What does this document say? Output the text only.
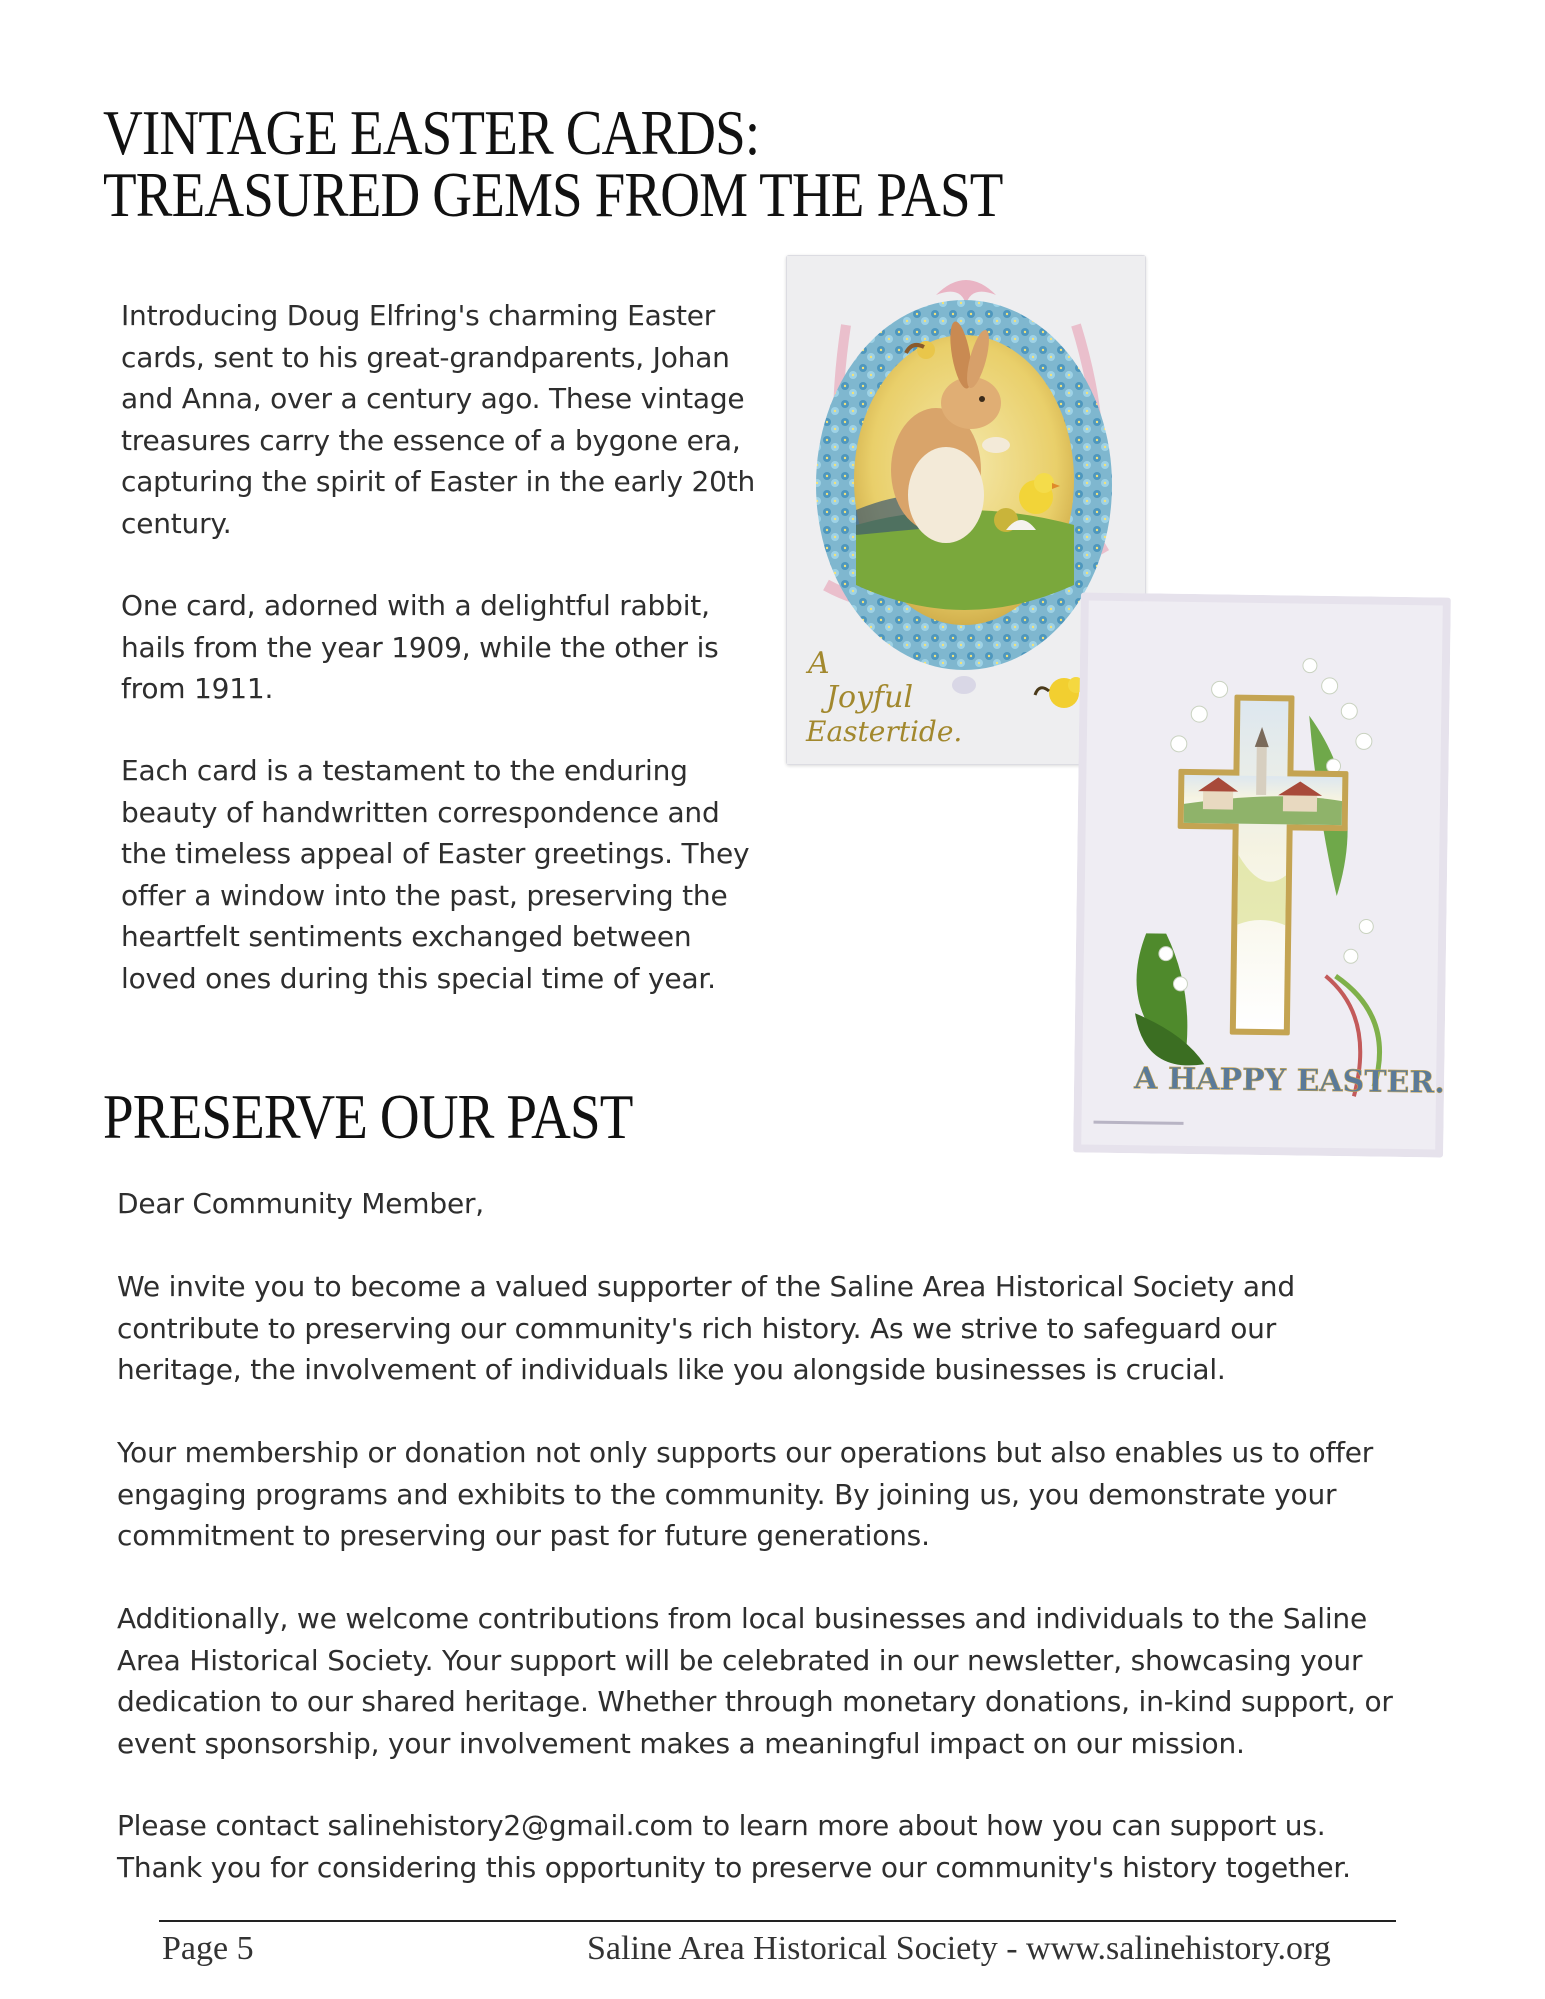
VINTAGE EASTER CARDS:
TREASURED GEMS FROM THE PAST
Introducing Doug Elfring's charming Easter
cards, sent to his great-grandparents, Johan
and Anna, over a century ago. These vintage
treasures carry the essence of a bygone era,
capturing the spirit of Easter in the early 20th
century.
One card, adorned with a delightful rabbit,
hails from the year 1909, while the other is
from 1911.
Each card is a testament to the enduring
beauty of handwritten correspondence and
the timeless appeal of Easter greetings. They
offer a window into the past, preserving the
heartfelt sentiments exchanged between
loved ones during this special time of year.
A
Joyful
Eastertide.
A HAPPY EASTER.
PRESERVE OUR PAST
Dear Community Member,
We invite you to become a valued supporter of the Saline Area Historical Society and
contribute to preserving our community's rich history. As we strive to safeguard our
heritage, the involvement of individuals like you alongside businesses is crucial.
Your membership or donation not only supports our operations but also enables us to offer
engaging programs and exhibits to the community. By joining us, you demonstrate your
commitment to preserving our past for future generations.
Additionally, we welcome contributions from local businesses and individuals to the Saline
Area Historical Society. Your support will be celebrated in our newsletter, showcasing your
dedication to our shared heritage. Whether through monetary donations, in-kind support, or
event sponsorship, your involvement makes a meaningful impact on our mission.
Please contact salinehistory2@gmail.com to learn more about how you can support us.
Thank you for considering this opportunity to preserve our community's history together.
Page 5	Saline Area Historical Society - www.salinehistory.org
